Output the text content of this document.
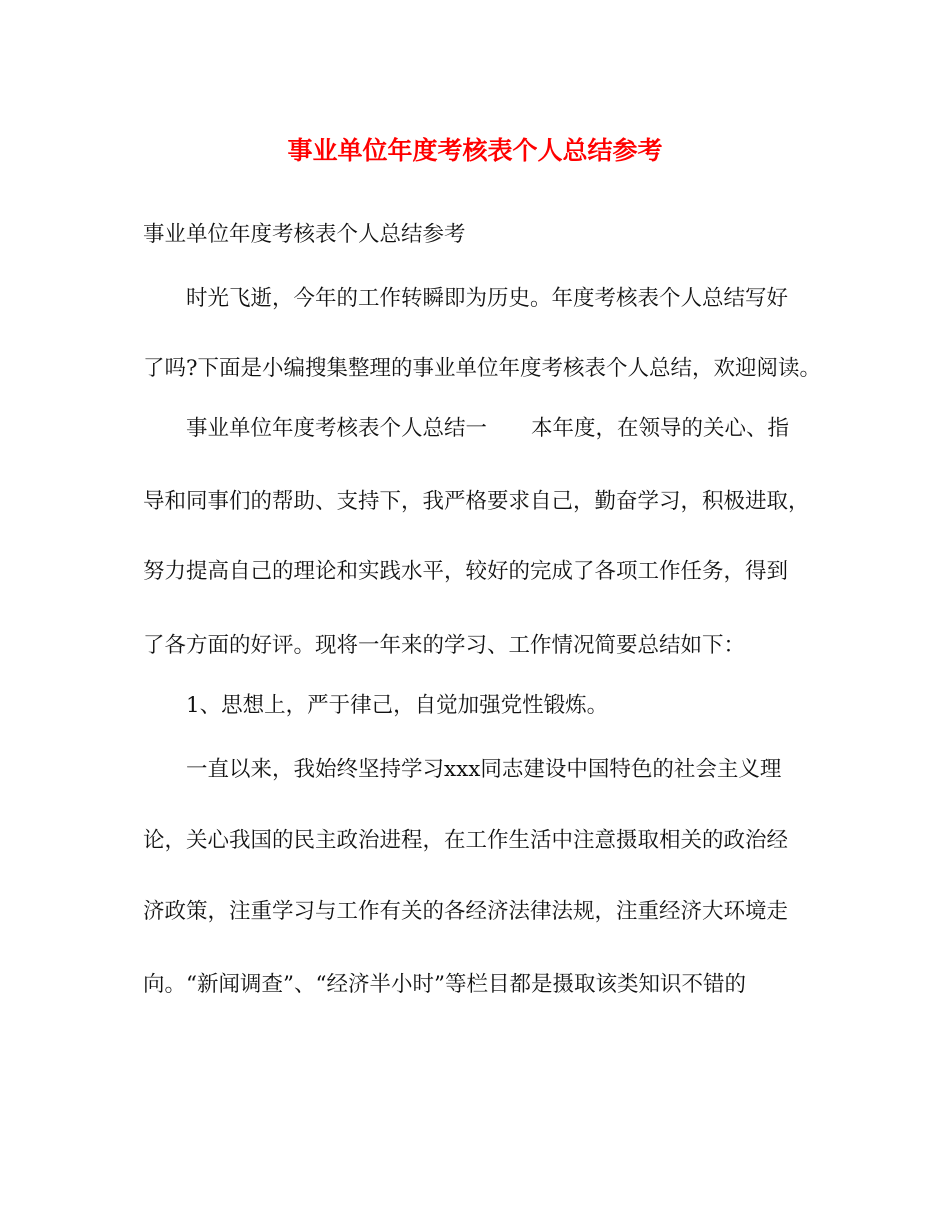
事业单位年度考核表个人总结参考
事业单位年度考核表个人总结参考
时光飞逝，今年的工作转瞬即为历史。年度考核表个人总结写好
了吗?下面是小编搜集整理的事业单位年度考核表个人总结，欢迎阅读。
事业单位年度考核表个人总结一 本年度，在领导的关心、指
导和同事们的帮助、支持下，我严格要求自己，勤奋学习，积极进取，
努力提高自己的理论和实践水平，较好的完成了各项工作任务，得到
了各方面的好评。现将一年来的学习、工作情况简要总结如下：
1、思想上，严于律己，自觉加强党性锻炼。
一直以来，我始终坚持学习xxx同志建设中国特色的社会主义理
论，关心我国的民主政治进程，在工作生活中注意摄取相关的政治经
济政策，注重学习与工作有关的各经济法律法规，注重经济大环境走
向。“新闻调查”、“经济半小时”等栏目都是摄取该类知识不错的
